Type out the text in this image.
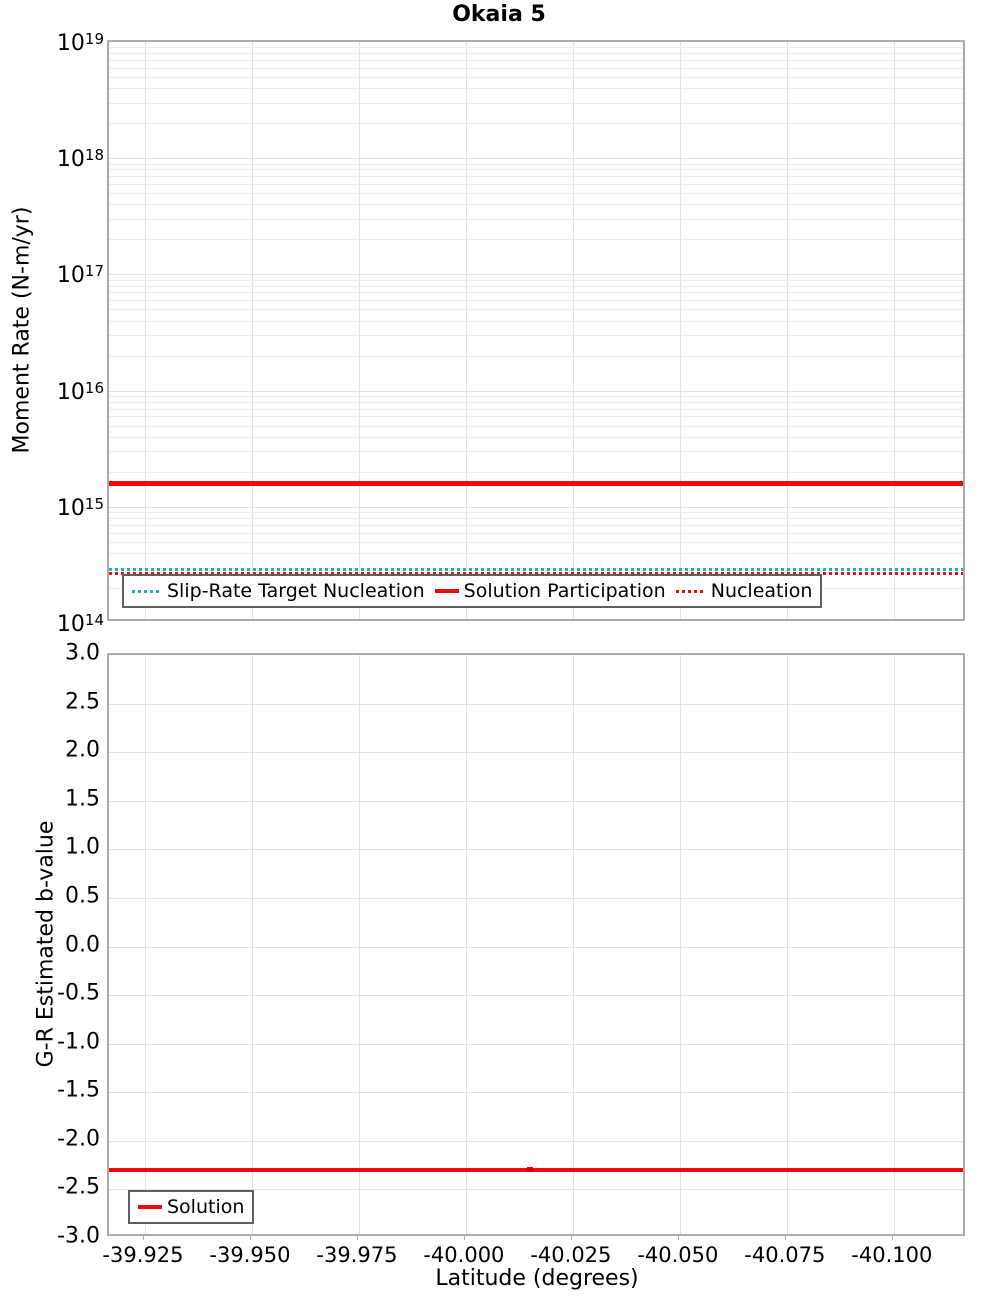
Okaia 5
Moment Rate (N-m/yr)
G-R Estimated b-value
Latitude (degrees)
$10^{19}$
$10^{18}$
$10^{17}$
$10^{16}$
$10^{15}$
$10^{14}$
3.0
2.5
2.0
1.5
1.0
0.5
0.0
-0.5
-1.0
-1.5
-2.0
-2.5
-3.0
-39.925 -39.950 -39.975 -40.000 -40.025 -40.050 -40.075 -40.100
Slip-Rate Target Nucleation Solution Participation Nucleation
Solution
